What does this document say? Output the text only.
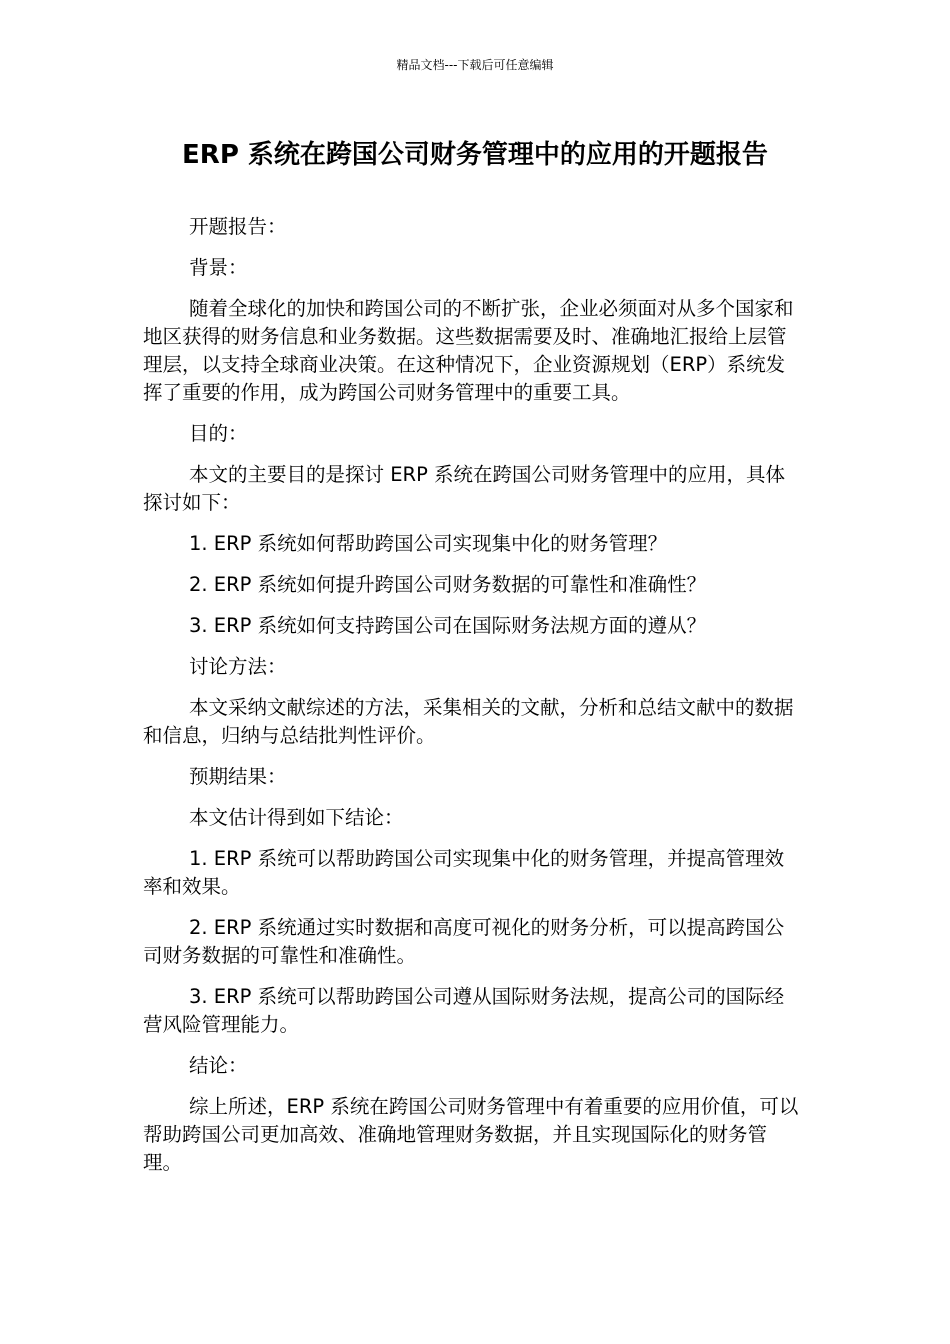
精品文档---下载后可任意编辑
ERP 系统在跨国公司财务管理中的应用的开题报告

开题报告：

背景：

随着全球化的加快和跨国公司的不断扩张，企业必须面对从多个国家和地区获得的财务信息和业务数据。这些数据需要及时、准确地汇报给上层管理层，以支持全球商业决策。在这种情况下，企业资源规划（ERP）系统发挥了重要的作用，成为跨国公司财务管理中的重要工具。

目的：

本文的主要目的是探讨 ERP 系统在跨国公司财务管理中的应用，具体探讨如下：

1. ERP 系统如何帮助跨国公司实现集中化的财务管理？

2. ERP 系统如何提升跨国公司财务数据的可靠性和准确性？

3. ERP 系统如何支持跨国公司在国际财务法规方面的遵从？

讨论方法：

本文采纳文献综述的方法，采集相关的文献，分析和总结文献中的数据和信息，归纳与总结批判性评价。

预期结果：

本文估计得到如下结论：

1. ERP 系统可以帮助跨国公司实现集中化的财务管理，并提高管理效率和效果。

2. ERP 系统通过实时数据和高度可视化的财务分析，可以提高跨国公司财务数据的可靠性和准确性。

3. ERP 系统可以帮助跨国公司遵从国际财务法规，提高公司的国际经营风险管理能力。

结论：

综上所述，ERP 系统在跨国公司财务管理中有着重要的应用价值，可以帮助跨国公司更加高效、准确地管理财务数据，并且实现国际化的财务管理。
